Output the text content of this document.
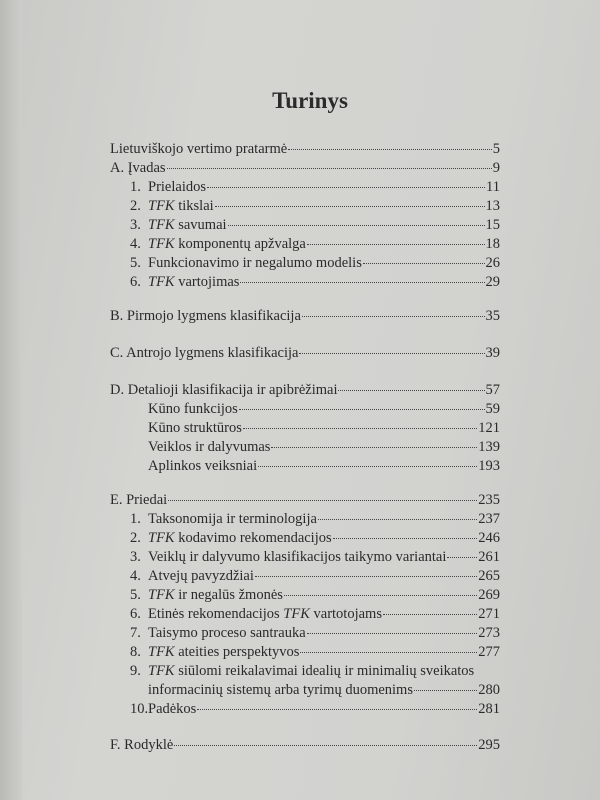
Turinys
Lietuviškojo vertimo pratarmė	5
A. Įvadas	9
1. Prielaidos	11
2. TFK tikslai	13
3. TFK savumai	15
4. TFK komponentų apžvalga	18
5. Funkcionavimo ir negalumo modelis	26
6. TFK vartojimas	29
B. Pirmojo lygmens klasifikacija	35
C. Antrojo lygmens klasifikacija	39
D. Detalioji klasifikacija ir apibrėžimai	57
Kūno funkcijos	59
Kūno struktūros	121
Veiklos ir dalyvumas	139
Aplinkos veiksniai	193
E. Priedai	235
1. Taksonomija ir terminologija	237
2. TFK kodavimo rekomendacijos	246
3. Veiklų ir dalyvumo klasifikacijos taikymo variantai 261
4. Atvejų pavyzdžiai	265
5. TFK ir negalūs žmonės	269
6. Etinės rekomendacijos TFK vartotojams	271
7. Taisymo proceso santrauka	273
8. TFK ateities perspektyvos	277
9. TFK siūlomi reikalavimai idealių ir minimalių sveikatos
informacinių sistemų arba tyrimų duomenims	280
10. Padėkos	281
F. Rodyklė	295
